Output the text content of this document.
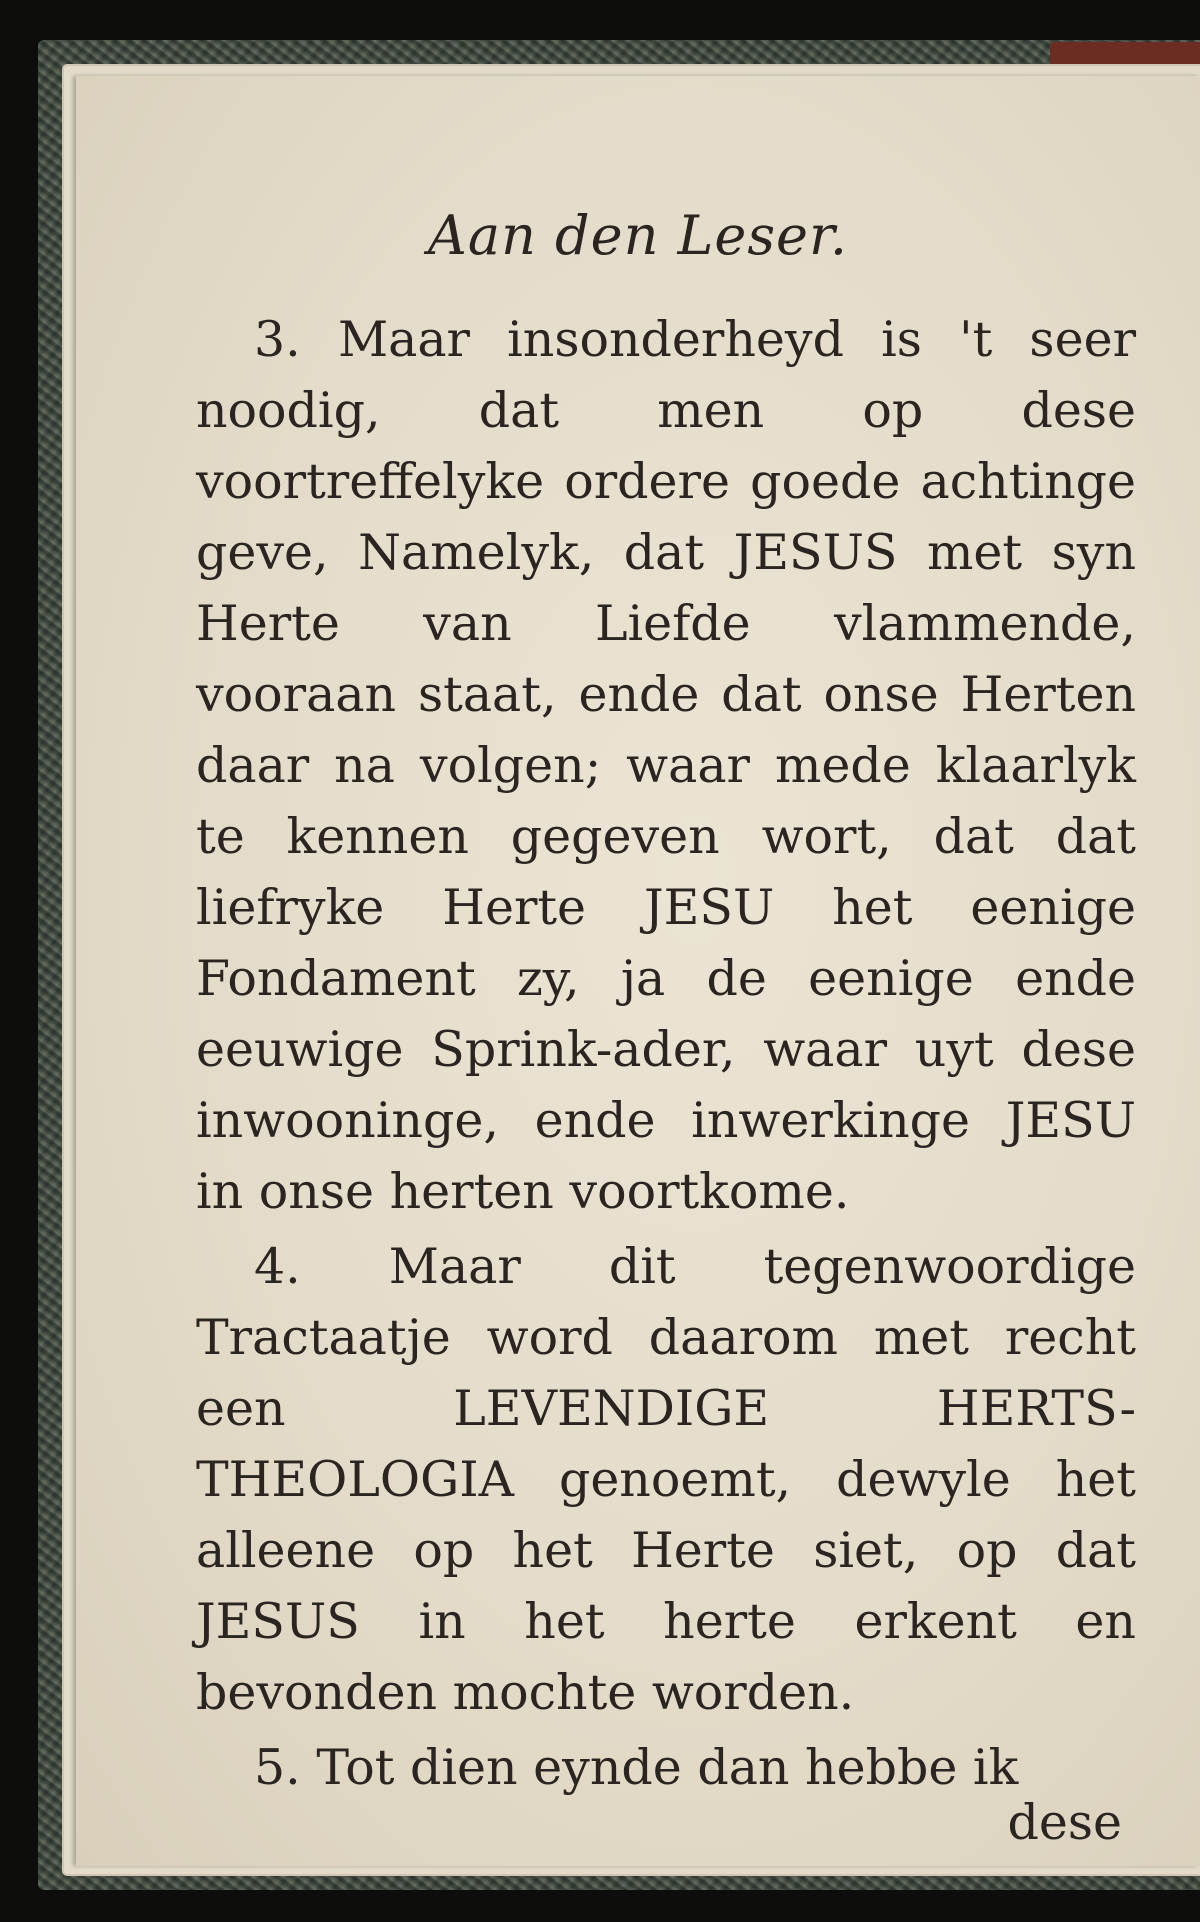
Aan den Leser.

3. Maar insonderheyd is 't seer noodig, dat men op dese voortreffelyke ordere goede achtinge geve, Namelyk, dat JESUS met syn Herte van Liefde vlammende, vooraan staat, ende dat onse Herten daar na volgen; waar mede klaarlyk te kennen gegeven wort, dat dat liefryke Herte JESU het eenige Fondament zy, ja de eenige ende eeuwige Sprink-ader, waar uyt dese inwooninge, ende inwerkinge JESU in onse herten voortkome.

4. Maar dit tegenwoordige Tractaatje word daarom met recht een LEVENDIGE HERTS-THEOLOGIA genoemt, dewyle het alleene op het Herte siet, op dat JESUS in het herte erkent en bevonden mochte worden.

5. Tot dien eynde dan hebbe ik

dese
